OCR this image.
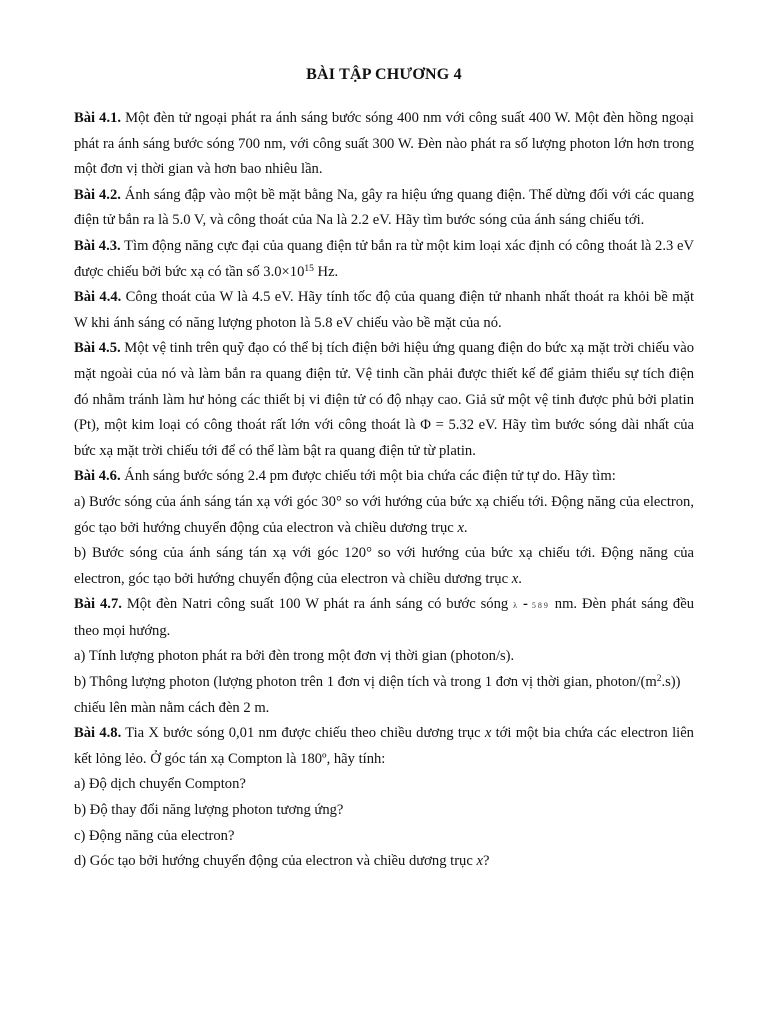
BÀI TẬP CHƯƠNG 4

Bài 4.1. Một đèn tử ngoại phát ra ánh sáng bước sóng 400 nm với công suất 400 W. Một đèn hồng ngoại phát ra ánh sáng bước sóng 700 nm, với công suất 300 W. Đèn nào phát ra số lượng photon lớn hơn trong một đơn vị thời gian và hơn bao nhiêu lần.

Bài 4.2. Ánh sáng đập vào một bề mặt bằng Na, gây ra hiệu ứng quang điện. Thế dừng đối với các quang điện tử bắn ra là 5.0 V, và công thoát của Na là 2.2 eV. Hãy tìm bước sóng của ánh sáng chiếu tới.

Bài 4.3. Tìm động năng cực đại của quang điện tử bắn ra từ một kim loại xác định có công thoát là 2.3 eV được chiếu bởi bức xạ có tần số $3.0\times 10^{15}$ Hz.

Bài 4.4. Công thoát của W là 4.5 eV. Hãy tính tốc độ của quang điện tử nhanh nhất thoát ra khỏi bề mặt W khi ánh sáng có năng lượng photon là 5.8 eV chiếu vào bề mặt của nó.

Bài 4.5. Một vệ tinh trên quỹ đạo có thể bị tích điện bởi hiệu ứng quang điện do bức xạ mặt trời chiếu vào mặt ngoài của nó và làm bắn ra quang điện tử. Vệ tinh cần phải được thiết kế để giảm thiểu sự tích điện đó nhằm tránh làm hư hỏng các thiết bị vi điện tử có độ nhạy cao. Giả sử một vệ tinh được phủ bởi platin (Pt), một kim loại có công thoát rất lớn với công thoát là Φ = 5.32 eV. Hãy tìm bước sóng dài nhất của bức xạ mặt trời chiếu tới để có thể làm bật ra quang điện tử từ platin.

Bài 4.6. Ánh sáng bước sóng 2.4 pm được chiếu tới một bia chứa các điện tử tự do. Hãy tìm:

a) Bước sóng của ánh sáng tán xạ với góc 30° so với hướng của bức xạ chiếu tới. Động năng của electron, góc tạo bởi hướng chuyển động của electron và chiều dương trục x.

b) Bước sóng của ánh sáng tán xạ với góc 120° so với hướng của bức xạ chiếu tới. Động năng của electron, góc tạo bởi hướng chuyển động của electron và chiều dương trục x.

Bài 4.7. Một đèn Natri công suất 100 W phát ra ánh sáng có bước sóng λ - 589 nm. Đèn phát sáng đều theo mọi hướng.

a) Tính lượng photon phát ra bởi đèn trong một đơn vị thời gian (photon/s).

b) Thông lượng photon (lượng photon trên 1 đơn vị diện tích và trong 1 đơn vị thời gian, photon/$(m^2.s)$) chiếu lên màn nằm cách đèn 2 m.

Bài 4.8. Tia X bước sóng 0,01 nm được chiếu theo chiều dương trục x tới một bia chứa các electron liên kết lỏng lẻo. Ở góc tán xạ Compton là 180º, hãy tính:

a) Độ dịch chuyển Compton?

b) Độ thay đổi năng lượng photon tương ứng?

c) Động năng của electron?

d) Góc tạo bởi hướng chuyển động của electron và chiều dương trục x?
